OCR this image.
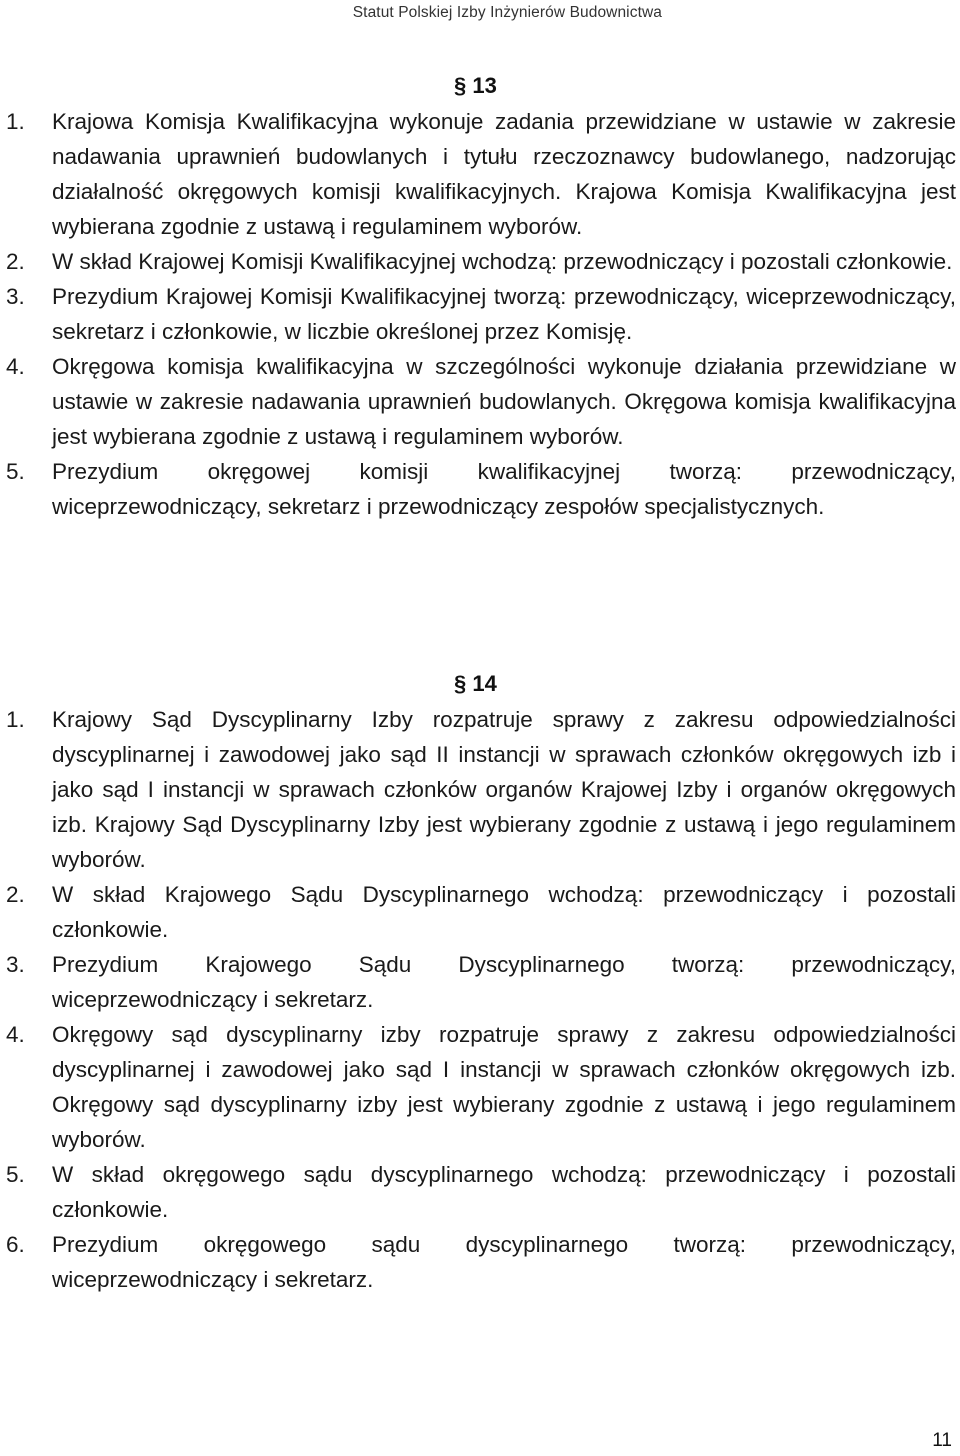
Statut Polskiej Izby Inżynierów Budownictwa
§ 13
1. Krajowa Komisja Kwalifikacyjna wykonuje zadania przewidziane w ustawie w zakresie nadawania uprawnień budowlanych i tytułu rzeczoznawcy budowlanego, nadzorując działalność okręgowych komisji kwalifikacyjnych. Krajowa Komisja Kwalifikacyjna jest wybierana zgodnie z ustawą i regulaminem wyborów.
2. W skład Krajowej Komisji Kwalifikacyjnej wchodzą: przewodniczący i pozostali członkowie.
3. Prezydium Krajowej Komisji Kwalifikacyjnej tworzą: przewodniczący, wiceprzewodniczący, sekretarz i członkowie, w liczbie określonej przez Komisję.
4. Okręgowa komisja kwalifikacyjna w szczególności wykonuje działania przewidziane w ustawie w zakresie nadawania uprawnień budowlanych. Okręgowa komisja kwalifikacyjna jest wybierana zgodnie z ustawą i regulaminem wyborów.
5. Prezydium okręgowej komisji kwalifikacyjnej tworzą: przewodniczący, wiceprzewodniczący, sekretarz i przewodniczący zespołów specjalistycznych.
§ 14
1. Krajowy Sąd Dyscyplinarny Izby rozpatruje sprawy z zakresu odpowiedzialności dyscyplinarnej i zawodowej jako sąd II instancji w sprawach członków okręgowych izb i jako sąd I instancji w sprawach członków organów Krajowej Izby i organów okręgowych izb. Krajowy Sąd Dyscyplinarny Izby jest wybierany zgodnie z ustawą i jego regulaminem wyborów.
2. W skład Krajowego Sądu Dyscyplinarnego wchodzą: przewodniczący i pozostali członkowie.
3. Prezydium Krajowego Sądu Dyscyplinarnego tworzą: przewodniczący, wiceprzewodniczący i sekretarz.
4. Okręgowy sąd dyscyplinarny izby rozpatruje sprawy z zakresu odpowiedzialności dyscyplinarnej i zawodowej jako sąd I instancji w sprawach członków okręgowych izb. Okręgowy sąd dyscyplinarny izby jest wybierany zgodnie z ustawą i jego regulaminem wyborów.
5. W skład okręgowego sądu dyscyplinarnego wchodzą: przewodniczący i pozostali członkowie.
6. Prezydium okręgowego sądu dyscyplinarnego tworzą: przewodniczący, wiceprzewodniczący i sekretarz.
11
